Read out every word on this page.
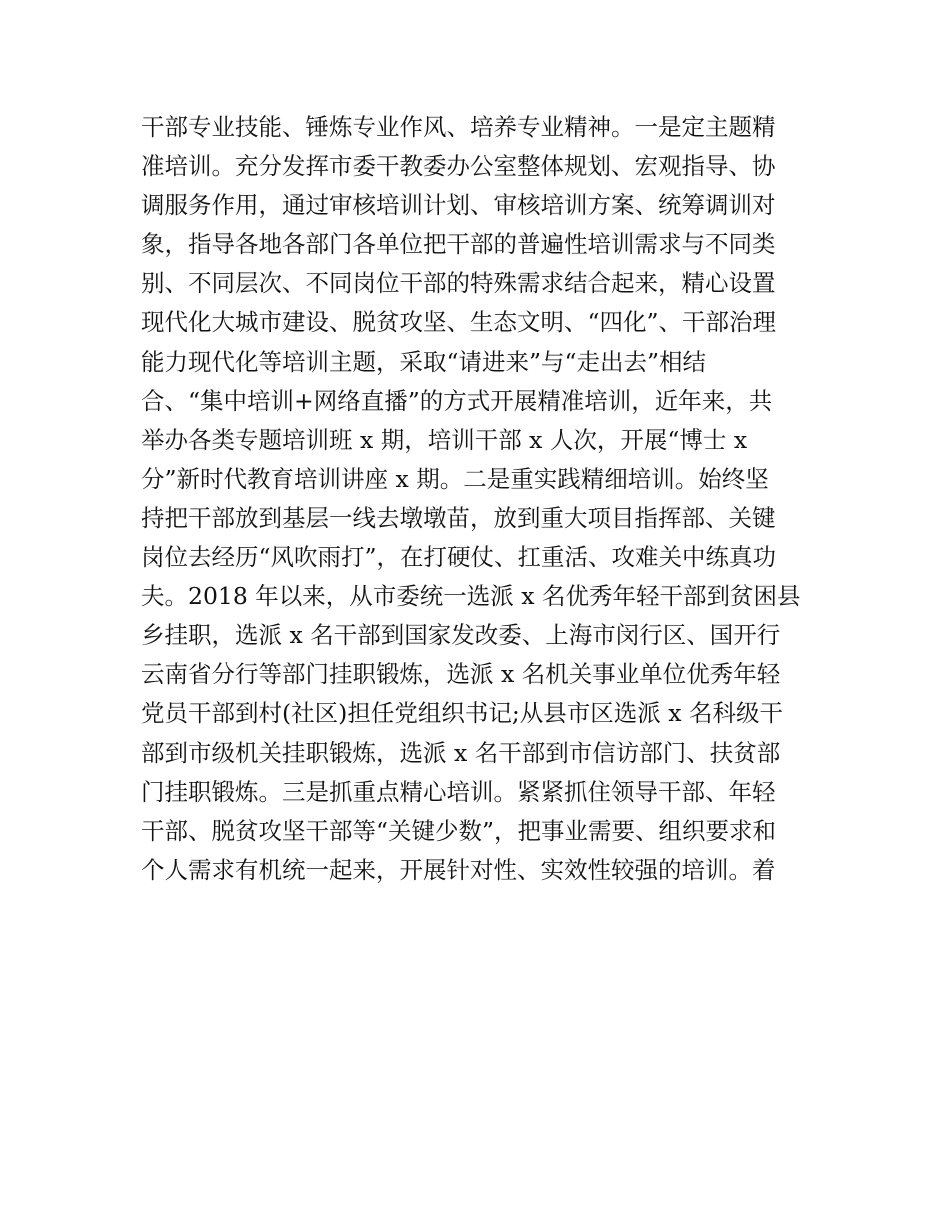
干部专业技能、锤炼专业作风、培养专业精神。一是定主题精
准培训。充分发挥市委干教委办公室整体规划、宏观指导、协
调服务作用，通过审核培训计划、审核培训方案、统筹调训对
象，指导各地各部门各单位把干部的普遍性培训需求与不同类
别、不同层次、不同岗位干部的特殊需求结合起来，精心设置
现代化大城市建设、脱贫攻坚、生态文明、“四化”、干部治理
能力现代化等培训主题，采取“请进来”与“走出去”相结
合、“集中培训+网络直播”的方式开展精准培训，近年来，共
举办各类专题培训班 x 期，培训干部 x 人次，开展“博士 x
分”新时代教育培训讲座 x 期。二是重实践精细培训。始终坚
持把干部放到基层一线去墩墩苗，放到重大项目指挥部、关键
岗位去经历“风吹雨打”，在打硬仗、扛重活、攻难关中练真功
夫。2018 年以来，从市委统一选派 x 名优秀年轻干部到贫困县
乡挂职，选派 x 名干部到国家发改委、上海市闵行区、国开行
云南省分行等部门挂职锻炼，选派 x 名机关事业单位优秀年轻
党员干部到村(社区)担任党组织书记;从县市区选派 x 名科级干
部到市级机关挂职锻炼，选派 x 名干部到市信访部门、扶贫部
门挂职锻炼。三是抓重点精心培训。紧紧抓住领导干部、年轻
干部、脱贫攻坚干部等“关键少数”，把事业需要、组织要求和
个人需求有机统一起来，开展针对性、实效性较强的培训。着
